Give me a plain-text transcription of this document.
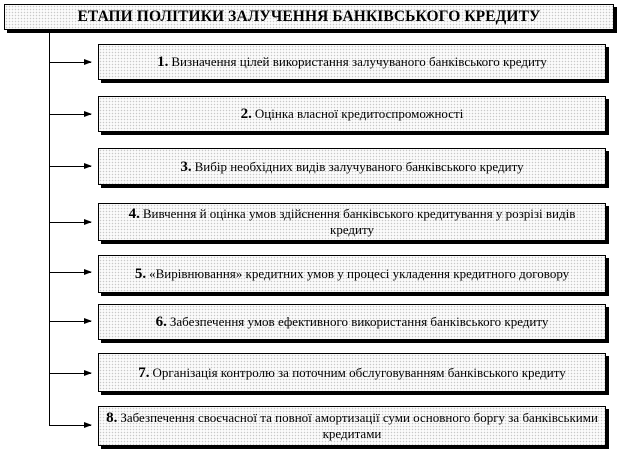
ЕТАПИ ПОЛІТИКИ ЗАЛУЧЕННЯ БАНКІВСЬКОГО КРЕДИТУ
1. Визначення цілей використання залучуваного банківського кредиту
2. Оцінка власної кредитоспроможності
3. Вибір необхідних видів залучуваного банківського кредиту
4. Вивчення й оцінка умов здійснення банківського кредитування у розрізі видів кредиту
5. «Вирівнювання» кредитних умов у процесі укладення кредитного договору
6. Забезпечення умов ефективного використання банківського кредиту
7. Організація контролю за поточним обслуговуванням банківського кредиту
8. Забезпечення своєчасної та повної амортизації суми основного боргу за банківськими кредитами
